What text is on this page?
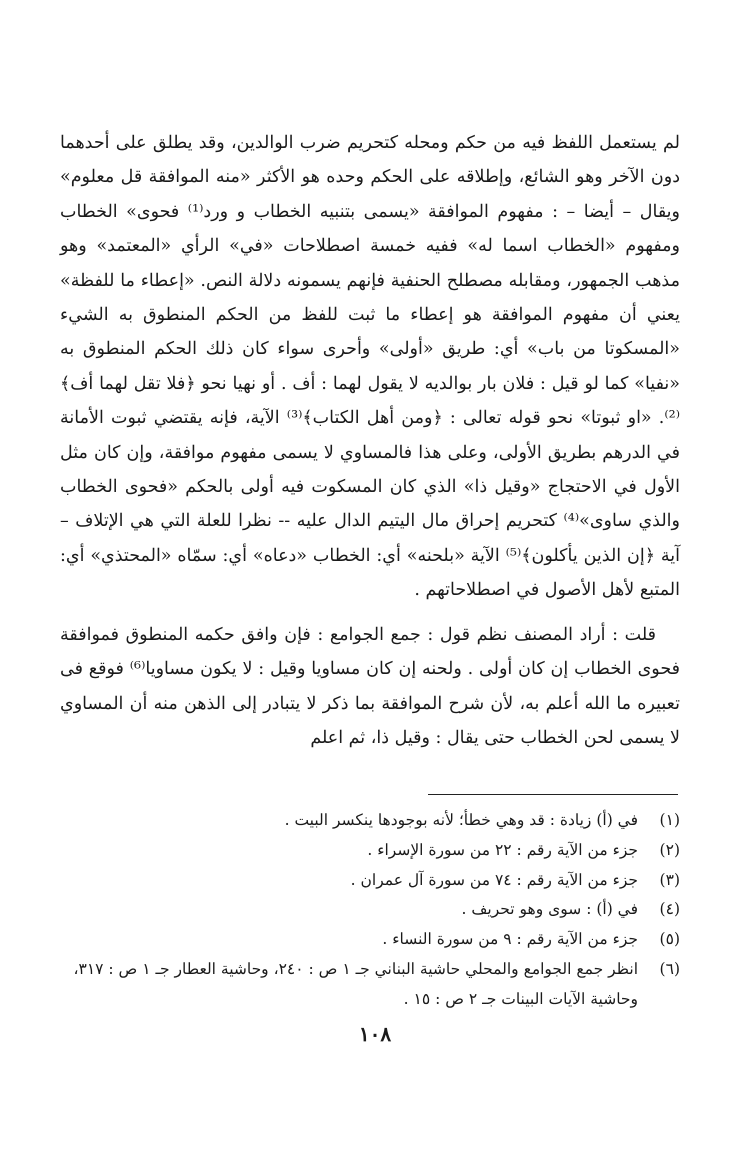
لم يستعمل اللفظ فيه من حكم ومحله كتحريم ضرب الوالدين، وقد يطلق على أحدهما دون الآخر وهو الشائع، وإطلاقه على الحكم وحده هو الأكثر «منه الموافقة قل معلوم» ويقال – أيضا – : مفهوم الموافقة «يسمى بتنبيه الخطاب و ورد⁽¹⁾ فحوى» الخطاب ومفهوم «الخطاب اسما له» ففيه خمسة اصطلاحات «في» الرأي «المعتمد» وهو مذهب الجمهور، ومقابله مصطلح الحنفية فإنهم يسمونه دلالة النص. «إعطاء ما للفظة» يعني أن مفهوم الموافقة هو إعطاء ما ثبت للفظ من الحكم المنطوق به الشيء «المسكوتا من باب» أي: طريق «أولى» وأحرى سواء كان ذلك الحكم المنطوق به «نفيا» كما لو قيل : فلان بار بوالديه لا يقول لهما : أف . أو نهيا نحو ﴿فلا تقل لهما أف﴾⁽²⁾. «او ثبوتا» نحو قوله تعالى : ﴿ومن أهل الكتاب﴾⁽³⁾ الآية، فإنه يقتضي ثبوت الأمانة في الدرهم بطريق الأولى، وعلى هذا فالمساوي لا يسمى مفهوم موافقة، وإن كان مثل الأول في الاحتجاج «وقيل ذا» الذي كان المسكوت فيه أولى بالحكم «فحوى الخطاب والذي ساوى»⁽⁴⁾ كتحريم إحراق مال اليتيم الدال عليه -- نظرا للعلة التي هي الإتلاف – آية ﴿إن الذين يأكلون﴾⁽⁵⁾ الآية «بلحنه» أي: الخطاب «دعاه» أي: سمّاه «المحتذي» أي: المتبع لأهل الأصول في اصطلاحاتهم .

قلت : أراد المصنف نظم قول : جمع الجوامع : فإن وافق حكمه المنطوق فموافقة فحوى الخطاب إن كان أولى . ولحنه إن كان مساويا وقيل : لا يكون مساويا⁽⁶⁾ فوقع فى تعبيره ما الله أعلم به، لأن شرح الموافقة بما ذكر لا يتبادر إلى الذهن منه أن المساوي لا يسمى لحن الخطاب حتى يقال : وقيل ذا، ثم اعلم

(١)
في (أ) زيادة : قد وهي خطأ؛ لأنه بوجودها ينكسر البيت .
(٢)
جزء من الآية رقم : ٢٢ من سورة الإسراء .
(٣)
جزء من الآية رقم : ٧٤ من سورة آل عمران .
(٤)
في (أ) : سوى وهو تحريف .
(٥)
جزء من الآية رقم : ٩ من سورة النساء .
(٦)
انظر جمع الجوامع والمحلي حاشية البناني جـ ١ ص : ٢٤٠، وحاشية العطار جـ ١ ص : ٣١٧، وحاشية الآيات البينات جـ ٢ ص : ١٥ .
١٠٨
